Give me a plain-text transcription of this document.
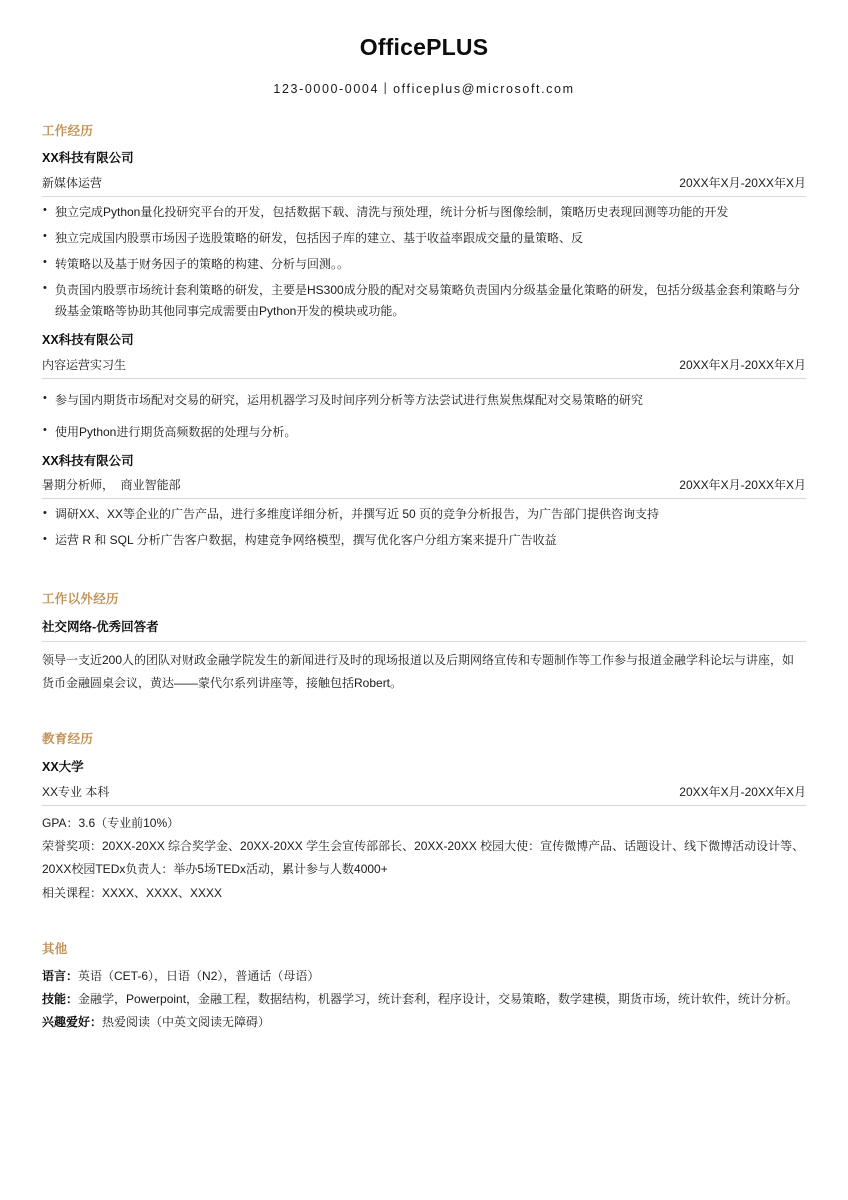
OfficePLUS
123-0000-0004丨officeplus@microsoft.com
工作经历
XX科技有限公司
新媒体运营	20XX年X月-20XX年X月
• 独立完成Python量化投研究平台的开发，包括数据下载、清洗与预处理，统计分析与图像绘制，策略历史表现回测等功能的开发
• 独立完成国内股票市场因子选股策略的研发，包括因子库的建立、基于收益率跟成交量的量策略、反
• 转策略以及基于财务因子的策略的构建、分析与回测。。
• 负责国内股票市场统计套利策略的研发，主要是HS300成分股的配对交易策略负责国内分级基金量化策略的研发，包括分级基金套利策略与分级基金策略等协助其他同事完成需要由Python开发的模块或功能。
XX科技有限公司
内容运营实习生	20XX年X月-20XX年X月
• 参与国内期货市场配对交易的研究，运用机器学习及时间序列分析等方法尝试进行焦炭焦煤配对交易策略的研究
• 使用Python进行期货高频数据的处理与分析。
XX科技有限公司
暑期分析师，  商业智能部	20XX年X月-20XX年X月
• 调研XX、XX等企业的广告产品，进行多维度详细分析，并撰写近 50 页的竞争分析报告，为广告部门提供咨询支持
• 运营 R 和 SQL 分析广告客户数据，构建竞争网络模型，撰写优化客户分组方案来提升广告收益
工作以外经历
社交网络-优秀回答者
领导一支近200人的团队对财政金融学院发生的新闻进行及时的现场报道以及后期网络宣传和专题制作等工作参与报道金融学科论坛与讲座，如货币金融圆桌会议，黄达——蒙代尔系列讲座等，接触包括Robert。
教育经历
XX大学
XX专业 本科	20XX年X月-20XX年X月
GPA：3.6（专业前10%）
荣誉奖项：20XX-20XX 综合奖学金、20XX-20XX 学生会宣传部部长、20XX-20XX 校园大使：宣传微博产品、话题设计、线下微博活动设计等、20XX校园TEDx负责人：举办5场TEDx活动，累计参与人数4000+
相关课程：XXXX、XXXX、XXXX
其他
语言：英语（CET-6），日语（N2），普通话（母语）
技能：金融学，Powerpoint，金融工程，数据结构，机器学习，统计套利，程序设计，交易策略，数学建模，期货市场，统计软件，统计分析。
兴趣爱好：热爱阅读（中英文阅读无障碍）
